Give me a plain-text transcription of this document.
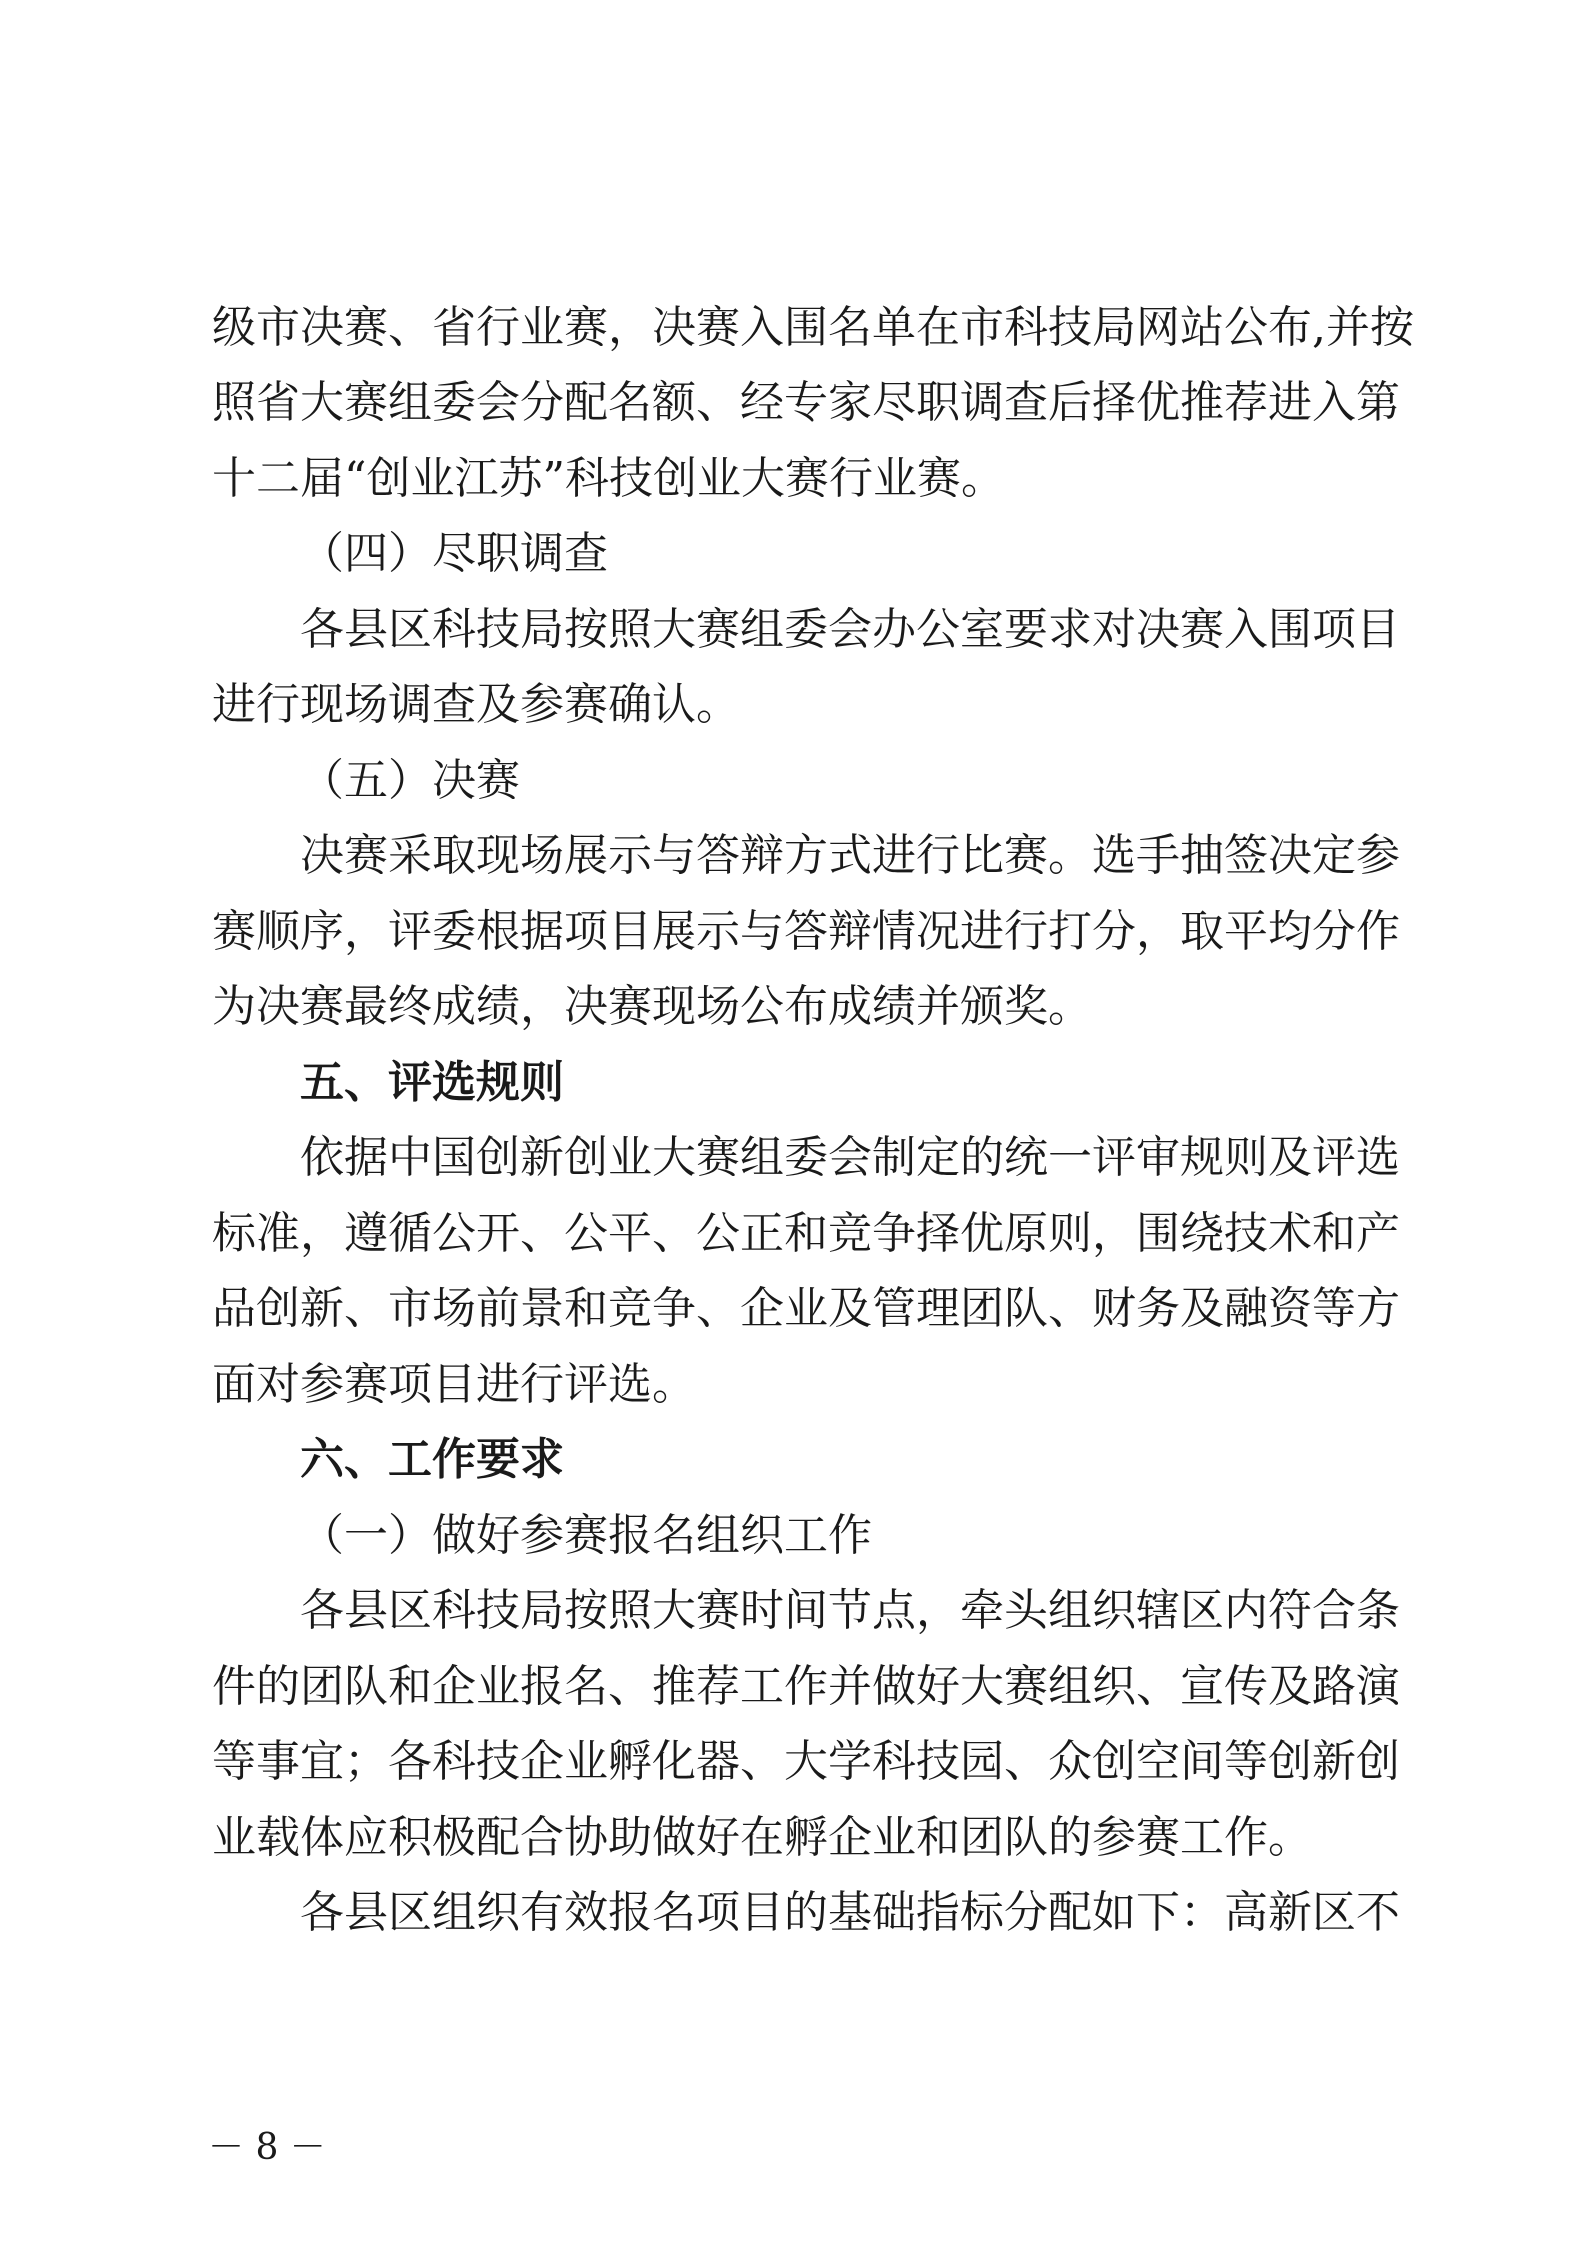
级市决赛、省行业赛，决赛入围名单在市科技局网站公布,并按
照省大赛组委会分配名额、经专家尽职调查后择优推荐进入第
十二届“创业江苏”科技创业大赛行业赛。
（四）尽职调查
各县区科技局按照大赛组委会办公室要求对决赛入围项目
进行现场调查及参赛确认。
（五）决赛
决赛采取现场展示与答辩方式进行比赛。选手抽签决定参
赛顺序，评委根据项目展示与答辩情况进行打分，取平均分作
为决赛最终成绩，决赛现场公布成绩并颁奖。
五、评选规则
依据中国创新创业大赛组委会制定的统一评审规则及评选
标准，遵循公开、公平、公正和竞争择优原则，围绕技术和产
品创新、市场前景和竞争、企业及管理团队、财务及融资等方
面对参赛项目进行评选。
六、工作要求
（一）做好参赛报名组织工作
各县区科技局按照大赛时间节点，牵头组织辖区内符合条
件的团队和企业报名、推荐工作并做好大赛组织、宣传及路演
等事宜；各科技企业孵化器、大学科技园、众创空间等创新创
业载体应积极配合协助做好在孵企业和团队的参赛工作。
各县区组织有效报名项目的基础指标分配如下：高新区不
－ 8 －
